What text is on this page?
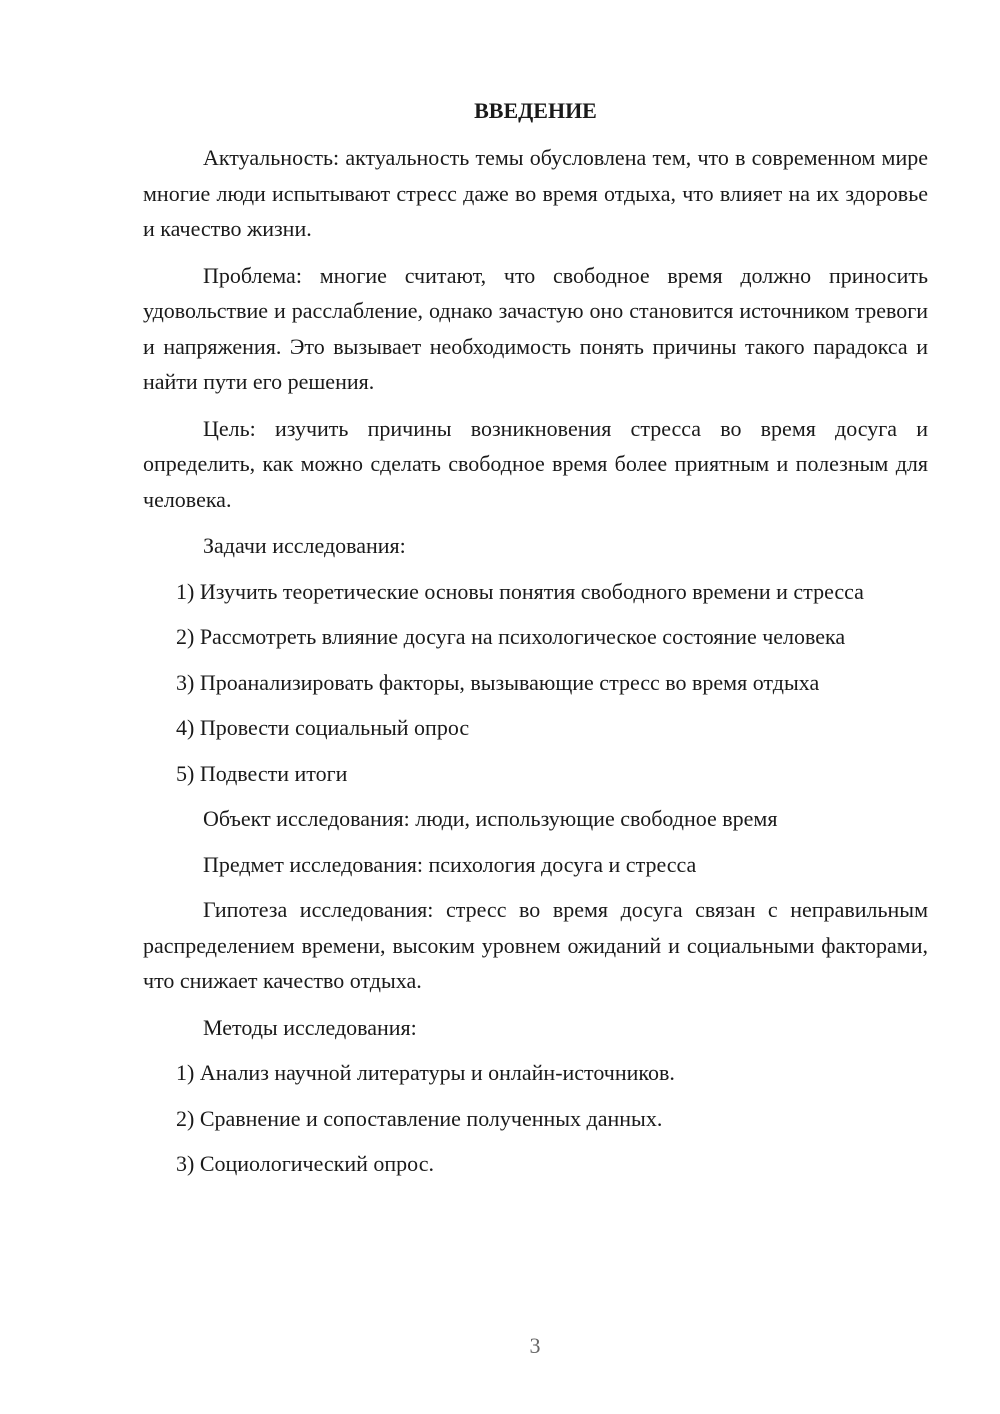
ВВЕДЕНИЕ

Актуальность: актуальность темы обусловлена тем, что в современном мире многие люди испытывают стресс даже во время отдыха, что влияет на их здоровье и качество жизни.

Проблема: многие считают, что свободное время должно приносить удовольствие и расслабление, однако зачастую оно становится источником тревоги и напряжения. Это вызывает необходимость понять причины такого парадокса и найти пути его решения.

Цель: изучить причины возникновения стресса во время досуга и определить, как можно сделать свободное время более приятным и полезным для человека.

Задачи исследования:

1) Изучить теоретические основы понятия свободного времени и стресса

2) Рассмотреть влияние досуга на психологическое состояние человека

3) Проанализировать факторы, вызывающие стресс во время отдыха

4) Провести социальный опрос

5) Подвести итоги

Объект исследования: люди, использующие свободное время

Предмет исследования: психология досуга и стресса

Гипотеза исследования: стресс во время досуга связан с неправильным распределением времени, высоким уровнем ожиданий и социальными факторами, что снижает качество отдыха.

Методы исследования:

1) Анализ научной литературы и онлайн-источников.

2) Сравнение и сопоставление полученных данных.

3) Социологический опрос.

3
